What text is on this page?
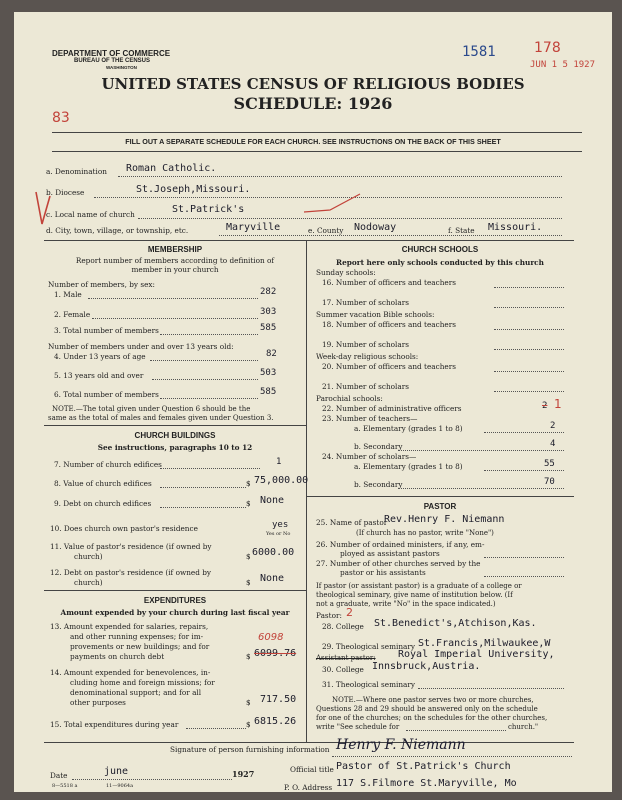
DEPARTMENT OF COMMERCE
BUREAU OF THE CENSUS
WASHINGTON
1581	178
JUN 1 5 1927
UNITED STATES CENSUS OF RELIGIOUS BODIES
SCHEDULE: 1926
83
FILL OUT A SEPARATE SCHEDULE FOR EACH CHURCH. SEE INSTRUCTIONS ON THE BACK OF THIS SHEET
a. Denomination Roman Catholic.
b. Diocese	St.Joseph,Missouri.
c. Local name of church	St.Patrick's
d. City, town, village, or township, etc.	Maryville	e. County Nodoway	f. State Missouri.
MEMBERSHIP
Report number of members according to definition of
member in your church
Number of members, by sex:
1. Male	282
2. Female	303
3. Total number of members	585
Number of members under and over 13 years old:
4. Under 13 years of age	82
5. 13 years old and over	503
6. Total number of members	585
NOTE.—The total given under Question 6 should be the
same as the total of males and females given under Question 3.
CHURCH BUILDINGS
See instructions, paragraphs 10 to 12
7. Number of church edifices	1
8. Value of church edifices	$ 75,000.00
9. Debt on church edifices	$ None
10. Does church own pastor's residence	yes
Yes or No
11. Value of pastor's residence (if owned by
church)	$ 6000.00
12. Debt on pastor's residence (if owned by
church)	$ None
EXPENDITURES
Amount expended by your church during last fiscal year
13. Amount expended for salaries, repairs,
and other running expenses; for im-
provements or new buildings; and for
payments on church debt
6098
$ 6099.76
14. Amount expended for benevolences, in-
cluding home and foreign missions; for
denominational support; and for all
other purposes	$ 717.50
15. Total expenditures during year	$ 6815.26
CHURCH SCHOOLS
Report here only schools conducted by this church
Sunday schools:
16. Number of officers and teachers
17. Number of scholars
Summer vacation Bible schools:
18. Number of officers and teachers
19. Number of scholars
Week-day religious schools:
20. Number of officers and teachers
21. Number of scholars
Parochial schools:
22. Number of administrative officers	2 1
23. Number of teachers—
a. Elementary (grades 1 to 8)	2
b. Secondary	4
24. Number of scholars—
a. Elementary (grades 1 to 8)	55
b. Secondary	70
PASTOR
25. Name of pastor
Rev.Henry F. Niemann
(If church has no pastor, write "None")
26. Number of ordained ministers, if any, em-
ployed as assistant pastors
27. Number of other churches served by the
pastor or his assistants
If pastor (or assistant pastor) is a graduate of a college or
theological seminary, give name of institution below. (If
not a graduate, write "No" in the space indicated.)
Pastor: 2
28. College St.Benedict's,Atchison,Kas.
29. Theological seminary St.Francis,Milwaukee,W
Assistant pastor: Royal Imperial University,
30. College Innsbruck,Austria.
31. Theological seminary
NOTE.—Where one pastor serves two or more churches,
Questions 28 and 29 should be answered only on the schedule
for one of the churches; on the schedules for the other churches,
write "See schedule for	church."
Signature of person furnishing information Henry F. Niemann
Official title Pastor of St.Patrick's Church
Date	june	1927
P. O. Address 117 S.Filmore St.Maryville, Mo
8—5518 a	11—9064a
